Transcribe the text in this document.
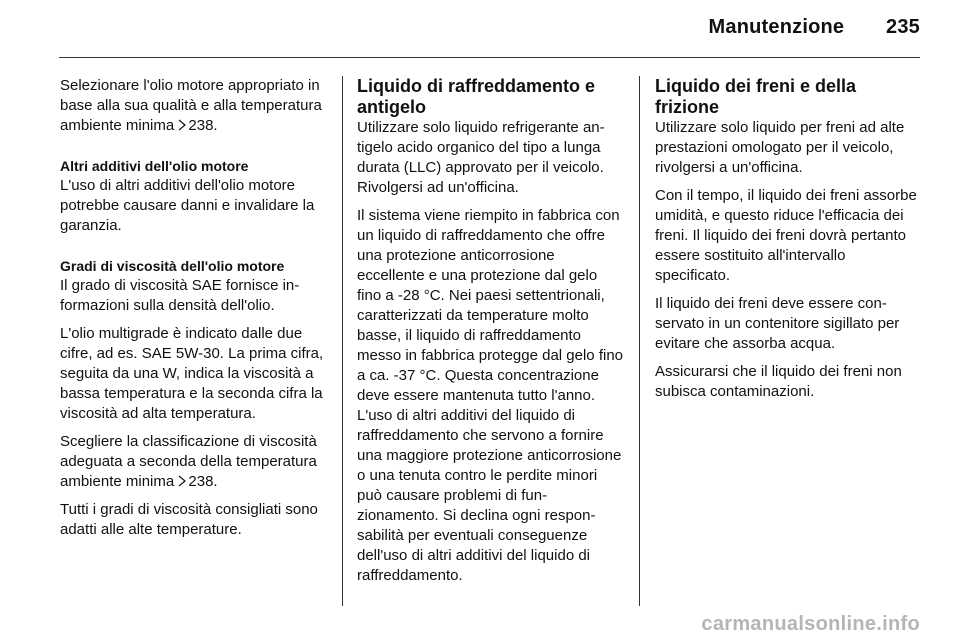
Manutenzione 235

Selezionare l'olio motore appropriato in base alla sua qualità e alla temperatura ambiente minima 238.

Altri additivi dell'olio motore

L'uso di altri additivi dell'olio motore potrebbe causare danni e invalidare la garanzia.

Gradi di viscosità dell'olio motore

Il grado di viscosità SAE fornisce informazioni sulla densità dell'olio.

L'olio multigrade è indicato dalle due cifre, ad es. SAE 5W-30. La prima cifra, seguita da una W, indica la viscosità a bassa temperatura e la seconda cifra la viscosità ad alta temperatura.

Scegliere la classificazione di viscosità adeguata a seconda della temperatura ambiente minima 238.

Tutti i gradi di viscosità consigliati sono adatti alle alte temperature.

Liquido di raffreddamento e antigelo

Utilizzare solo liquido refrigerante antigelo acido organico del tipo a lunga durata (LLC) approvato per il veicolo. Rivolgersi ad un'officina.

Il sistema viene riempito in fabbrica con un liquido di raffreddamento che offre una protezione anticorrosione eccellente e una protezione dal gelo fino a -28 °C. Nei paesi settentrionali, caratterizzati da temperature molto basse, il liquido di raffreddamento messo in fabbrica protegge dal gelo fino a ca. -37 °C. Questa concentrazione deve essere mantenuta tutto l'anno. L'uso di altri additivi del liquido di raffreddamento che servono a fornire una maggiore protezione anticorrosione o una tenuta contro le perdite minori può causare problemi di funzionamento. Si declina ogni responsabilità per eventuali conseguenze dell'uso di altri additivi del liquido di raffreddamento.

Liquido dei freni e della frizione

Utilizzare solo liquido per freni ad alte prestazioni omologato per il veicolo, rivolgersi a un'officina.

Con il tempo, il liquido dei freni assorbe umidità, e questo riduce l'efficacia dei freni. Il liquido dei freni dovrà pertanto essere sostituito all'intervallo specificato.

Il liquido dei freni deve essere conservato in un contenitore sigillato per evitare che assorba acqua.

Assicurarsi che il liquido dei freni non subisca contaminazioni.

carmanualsonline.info
